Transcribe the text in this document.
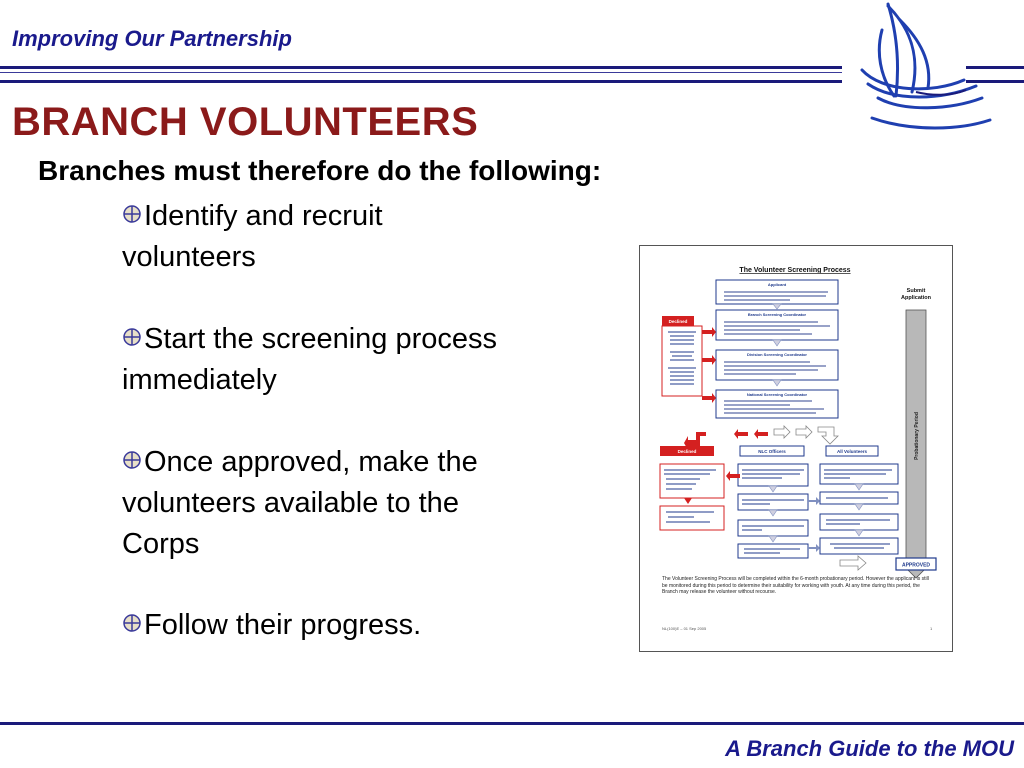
Improving Our Partnership
BRANCH VOLUNTEERS
Branches must therefore do the following:
Identify and recruit
volunteers
Start the screening process
immediately
Once approved, make the
volunteers available to the
Corps
Follow their progress.
The Volunteer Screening Process
Submit
Application
Probationary Period
Applicant
Branch Screening Coordinator
Division Screening Coordinator
National Screening Coordinator
Declined
Declined	NLC Officers	All Volunteers
APPROVED
The Volunteer Screening Process will be completed within the 6-month probationary period. However the applicant is still be monitored during this period to determine their suitability for working with youth. At any time during this period, the Branch may release the volunteer without recourse.
NL(100)E – 01 Sep 2005	1
A Branch Guide to the MOU
